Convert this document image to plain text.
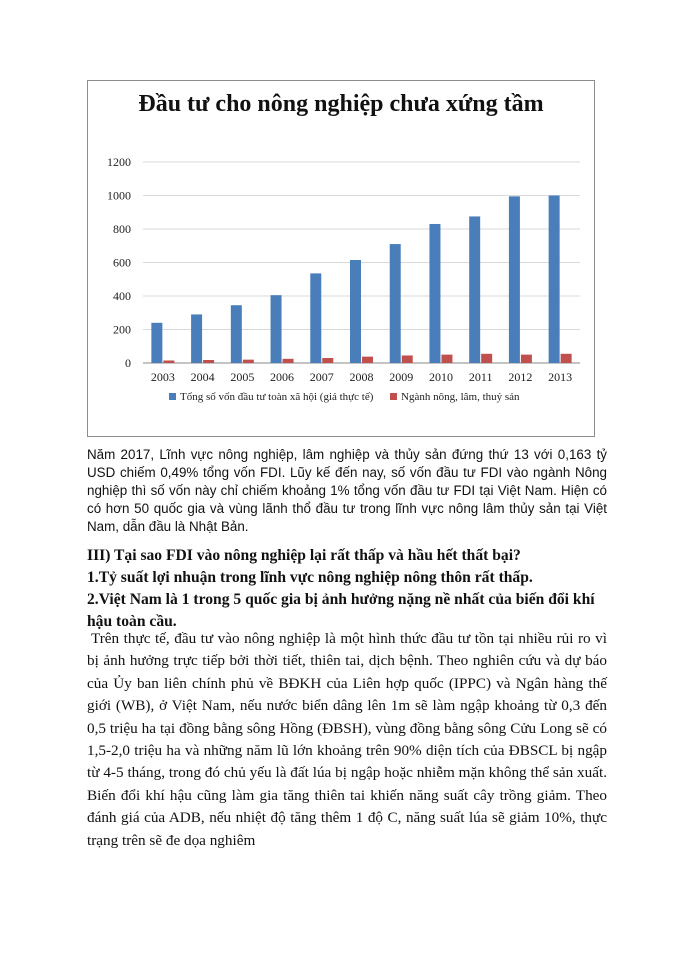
Đầu tư cho nông nghiệp chưa xứng tầm
0
200
400
600
800
1000
1200
2003 2004 2005 2006 2007 2008 2009 2010 2011 2012 2013
Tổng số vốn đầu tư toàn xã hội (giá thực tế)	Ngành nông, lâm, thuỷ sản

Năm 2017, Lĩnh vực nông nghiệp, lâm nghiệp và thủy sản đứng thứ 13 với 0,163 tỷ USD chiếm 0,49% tổng vốn FDI. Lũy kế đến nay, số vốn đầu tư FDI vào ngành Nông nghiệp thì số vốn này chỉ chiếm khoảng 1% tổng vốn đầu tư FDI tại Việt Nam. Hiện có có hơn 50 quốc gia và vùng lãnh thổ đầu tư trong lĩnh vực nông lâm thủy sản tại Việt Nam, dẫn đầu là Nhật Bản.

III) Tại sao FDI vào nông nghiệp lại rất thấp và hầu hết thất bại?

1.Tỷ suất lợi nhuận trong lĩnh vực nông nghiệp nông thôn rất thấp.

2.Việt Nam là 1 trong 5 quốc gia bị ảnh hưởng nặng nề nhất của biến đổi khí hậu toàn cầu.

Trên thực tế, đầu tư vào nông nghiệp là một hình thức đầu tư tồn tại nhiều rủi ro vì bị ảnh hưởng trực tiếp bởi thời tiết, thiên tai, dịch bệnh. Theo nghiên cứu và dự báo của Ủy ban liên chính phủ về BĐKH của Liên hợp quốc (IPPC) và Ngân hàng thế giới (WB), ở Việt Nam, nếu nước biển dâng lên 1m sẽ làm ngập khoảng từ 0,3 đến 0,5 triệu ha tại đồng bằng sông Hồng (ĐBSH), vùng đồng bằng sông Cửu Long sẽ có 1,5-2,0 triệu ha và những năm lũ lớn khoảng trên 90% diện tích của ĐBSCL bị ngập từ 4-5 tháng, trong đó chủ yếu là đất lúa bị ngập hoặc nhiễm mặn không thể sản xuất. Biến đổi khí hậu cũng làm gia tăng thiên tai khiến năng suất cây trồng giảm. Theo đánh giá của ADB, nếu nhiệt độ tăng thêm 1 độ C, năng suất lúa sẽ giảm 10%, thực trạng trên sẽ đe dọa nghiêm
